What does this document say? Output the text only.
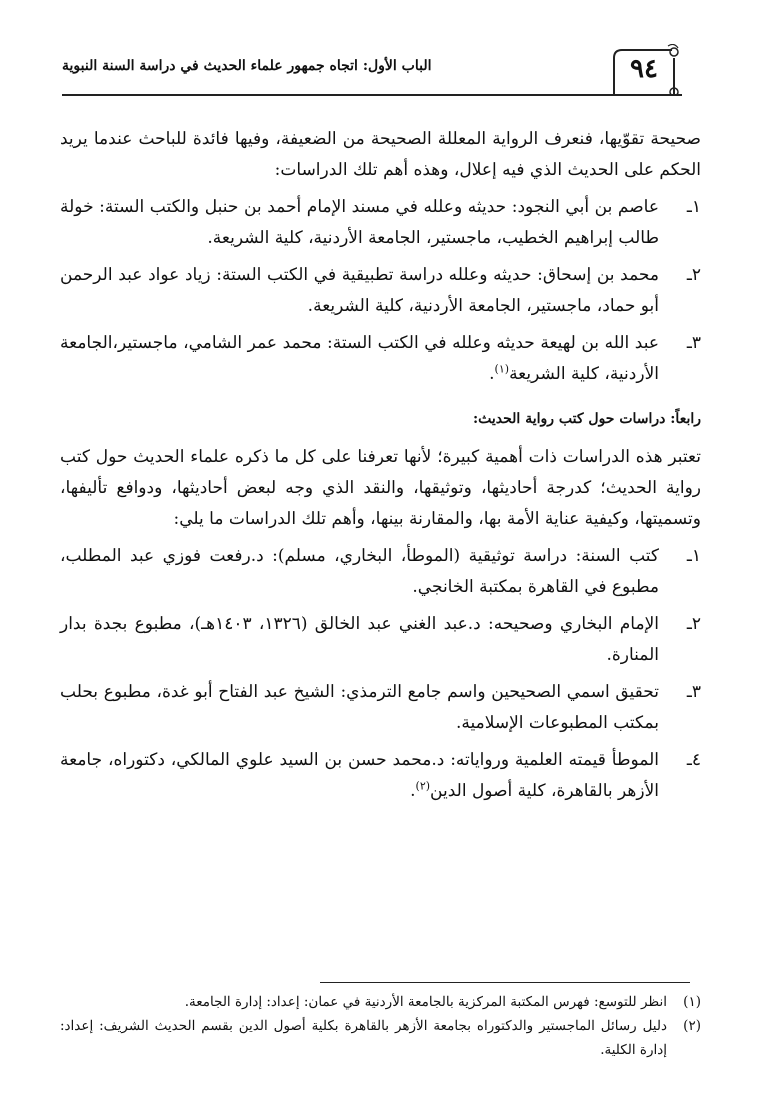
الباب الأول: اتجاه جمهور علماء الحديث في دراسة السنة النبوية	٩٤

صحيحة تقوّيها، فنعرف الرواية المعللة الصحيحة من الضعيفة، وفيها فائدة للباحث عندما يريد الحكم على الحديث الذي فيه إعلال، وهذه أهم تلك الدراسات:

١ـ
عاصم بن أبي النجود: حديثه وعلله في مسند الإمام أحمد بن حنبل والكتب الستة: خولة طالب إبراهيم الخطيب، ماجستير، الجامعة الأردنية، كلية الشريعة.
٢ـ
محمد بن إسحاق: حديثه وعلله دراسة تطبيقية في الكتب الستة: زياد عواد عبد الرحمن أبو حماد، ماجستير، الجامعة الأردنية، كلية الشريعة.
٣ـ
عبد الله بن لهيعة حديثه وعلله في الكتب الستة: محمد عمر الشامي، ماجستير،الجامعة الأردنية، كلية الشريعة$^{(١)}$.
رابعاً: دراسات حول كتب رواية الحديث:

تعتبر هذه الدراسات ذات أهمية كبيرة؛ لأنها تعرفنا على كل ما ذكره علماء الحديث حول كتب رواية الحديث؛ كدرجة أحاديثها، وتوثيقها، والنقد الذي وجه لبعض أحاديثها، ودوافع تأليفها، وتسميتها، وكيفية عناية الأمة بها، والمقارنة بينها، وأهم تلك الدراسات ما يلي:

١ـ
كتب السنة: دراسة توثيقية (الموطأ، البخاري، مسلم): د.رفعت فوزي عبد المطلب، مطبوع في القاهرة بمكتبة الخانجي.
٢ـ
الإمام البخاري وصحيحه: د.عبد الغني عبد الخالق (١٣٢٦، ١٤٠٣هـ)، مطبوع بجدة بدار المنارة.
٣ـ
تحقيق اسمي الصحيحين واسم جامع الترمذي: الشيخ عبد الفتاح أبو غدة، مطبوع بحلب بمكتب المطبوعات الإسلامية.
٤ـ
الموطأ قيمته العلمية ورواياته: د.محمد حسن بن السيد علوي المالكي، دكتوراه، جامعة الأزهر بالقاهرة، كلية أصول الدين$^{(٢)}$.

(١)
انظر للتوسع: فهرس المكتبة المركزية بالجامعة الأردنية في عمان: إعداد: إدارة الجامعة.

(٢)
دليل رسائل الماجستير والدكتوراه بجامعة الأزهر بالقاهرة بكلية أصول الدين بقسم الحديث الشريف: إعداد: إدارة الكلية.
